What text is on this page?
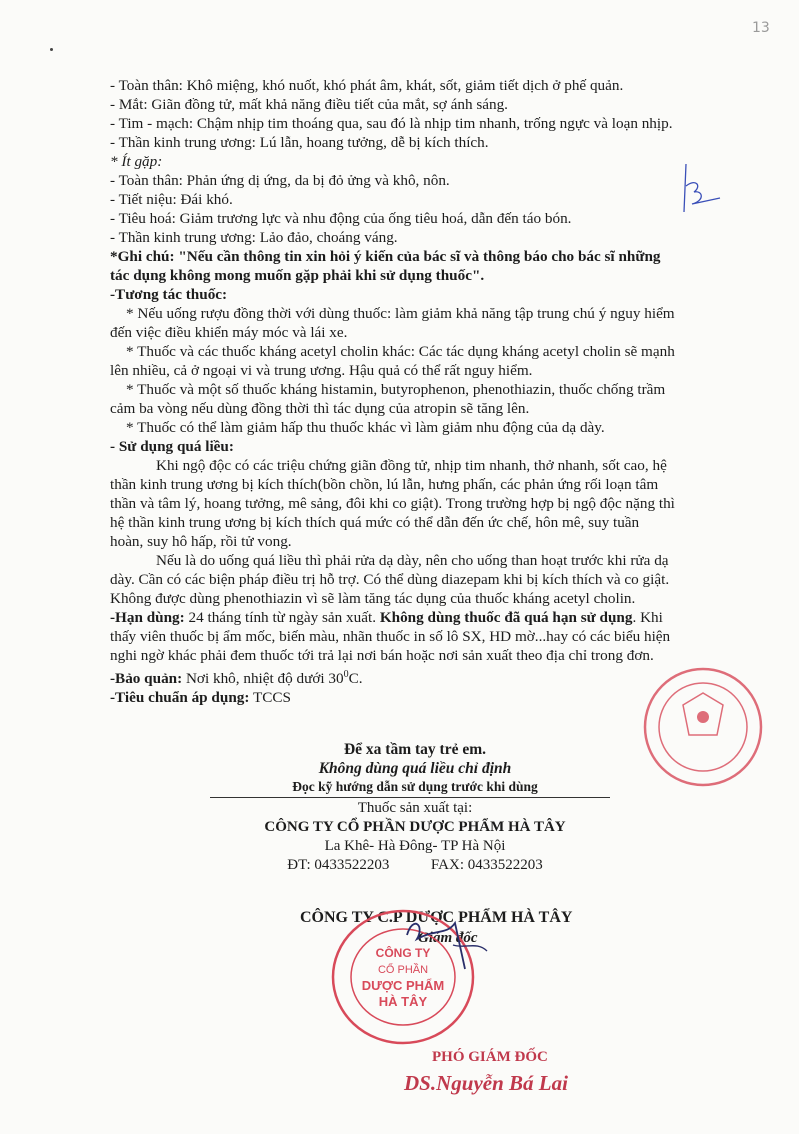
13
- Toàn thân: Khô miệng, khó nuốt, khó phát âm, khát, sốt, giảm tiết dịch ở phế quản.
- Mắt: Giãn đồng tử, mất khả năng điều tiết của mắt, sợ ánh sáng.
- Tim - mạch: Chậm nhịp tim thoáng qua, sau đó là nhịp tim nhanh, trống ngực và loạn nhịp.
- Thần kinh trung ương: Lú lẫn, hoang tưởng, dễ bị kích thích.
* Ít gặp:
- Toàn thân: Phản ứng dị ứng, da bị đỏ ửng và khô, nôn.
- Tiết niệu: Đái khó.
- Tiêu hoá: Giảm trương lực và nhu động của ống tiêu hoá, dẫn đến táo bón.
- Thần kinh trung ương: Lảo đảo, choáng váng.
*Ghi chú: "Nếu cần thông tin xin hỏi ý kiến của bác sĩ và thông báo cho bác sĩ những
tác dụng không mong muốn gặp phải khi sử dụng thuốc".
-Tương tác thuốc:
* Nếu uống rượu đồng thời với dùng thuốc: làm giảm khả năng tập trung chú ý nguy hiểm
đến việc điều khiển máy móc và lái xe.
* Thuốc và các thuốc kháng acetyl cholin khác: Các tác dụng kháng acetyl cholin sẽ mạnh
lên nhiều, cả ở ngoại vi và trung ương. Hậu quả có thể rất nguy hiểm.
* Thuốc và một số thuốc kháng histamin, butyrophenon, phenothiazin, thuốc chống trầm
cảm ba vòng nếu dùng đồng thời thì tác dụng của atropin sẽ tăng lên.
* Thuốc có thể làm giảm hấp thu thuốc khác vì làm giảm nhu động của dạ dày.
- Sử dụng quá liều:
Khi ngộ độc có các triệu chứng giãn đồng tử, nhịp tim nhanh, thở nhanh, sốt cao, hệ
thần kinh trung ương bị kích thích(bồn chồn, lú lẫn, hưng phấn, các phản ứng rối loạn tâm
thần và tâm lý, hoang tưởng, mê sảng, đôi khi co giật). Trong trường hợp bị ngộ độc nặng thì
hệ thần kinh trung ương bị kích thích quá mức có thể dẫn đến ức chế, hôn mê, suy tuần
hoàn, suy hô hấp, rồi tử vong.
Nếu là do uống quá liều thì phải rửa dạ dày, nên cho uống than hoạt trước khi rửa dạ
dày. Cần có các biện pháp điều trị hỗ trợ. Có thể dùng diazepam khi bị kích thích và co giật.
Không được dùng phenothiazin vì sẽ làm tăng tác dụng của thuốc kháng acetyl cholin.
-Hạn dùng: 24 tháng tính từ ngày sản xuất. Không dùng thuốc đã quá hạn sử dụng. Khi
thấy viên thuốc bị ẩm mốc, biến màu, nhãn thuốc in số lô SX, HD mờ...hay có các biểu hiện
nghi ngờ khác phải đem thuốc tới trả lại nơi bán hoặc nơi sản xuất theo địa chỉ trong đơn.
-Bảo quản: Nơi khô, nhiệt độ dưới $30^0C$.
-Tiêu chuẩn áp dụng: TCCS
Để xa tầm tay trẻ em.
Không dùng quá liều chỉ định
Đọc kỹ hướng dẫn sử dụng trước khi dùng
Thuốc sản xuất tại:
CÔNG TY CỔ PHẦN DƯỢC PHẨM HÀ TÂY
La Khê- Hà Đông- TP Hà Nội
ĐT: 0433522203	FAX: 0433522203
CÔNG TY C.P DƯỢC PHẨM HÀ TÂY
Giám đốc
CÔNG TY
CỔ PHẦN
DƯỢC PHẨM
HÀ TÂY
PHÓ GIÁM ĐỐC
DS.Nguyễn Bá Lai
